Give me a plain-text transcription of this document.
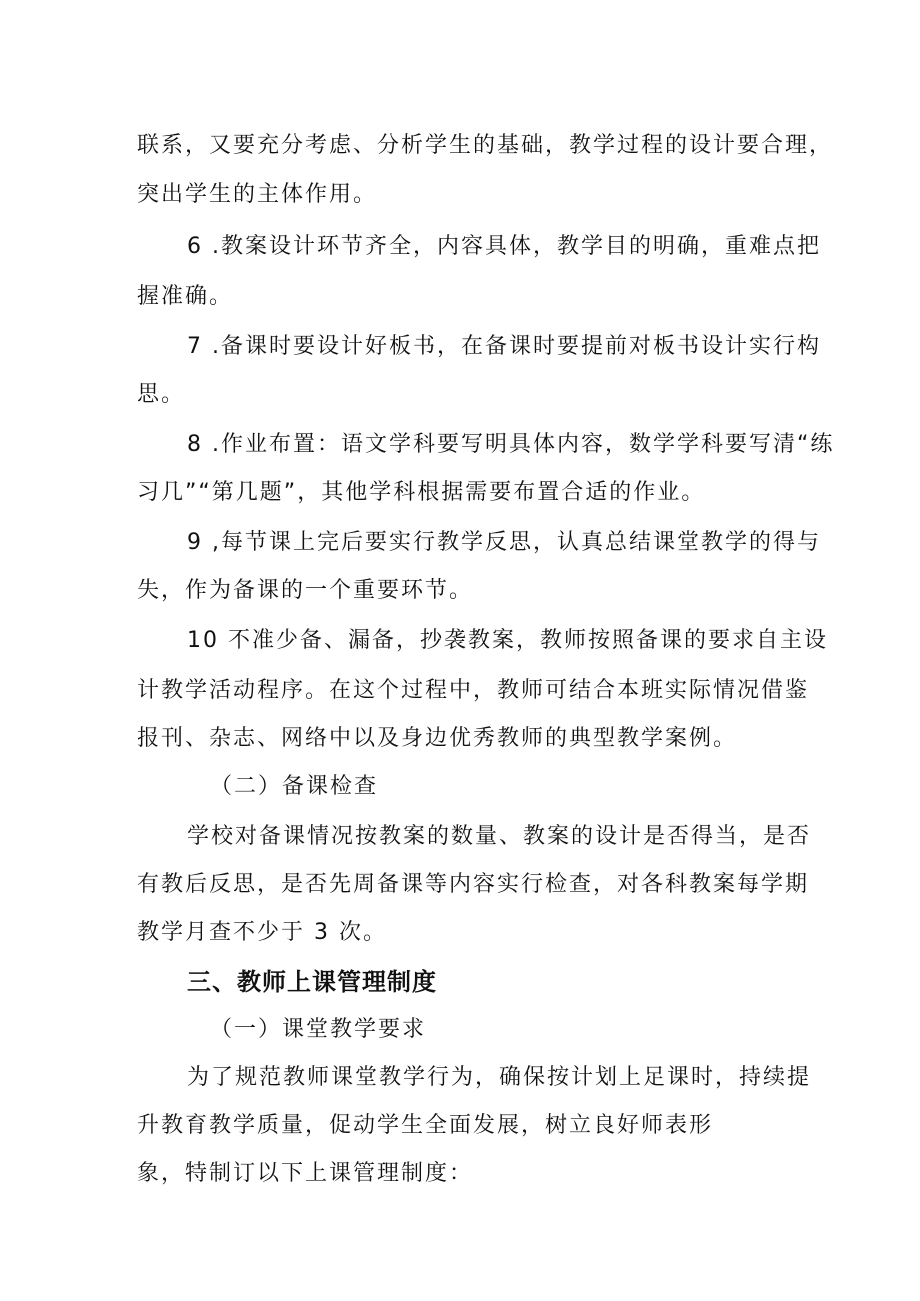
联系，又要充分考虑、分析学生的基础，教学过程的设计要合理，
突出学生的主体作用。
6 .教案设计环节齐全，内容具体，教学目的明确，重难点把
握准确。
7 .备课时要设计好板书，在备课时要提前对板书设计实行构
思。
8 .作业布置：语文学科要写明具体内容，数学学科要写清“练
习几”“第几题”，其他学科根据需要布置合适的作业。
9 ,每节课上完后要实行教学反思，认真总结课堂教学的得与
失，作为备课的一个重要环节。
10 不准少备、漏备，抄袭教案，教师按照备课的要求自主设
计教学活动程序。在这个过程中，教师可结合本班实际情况借鉴
报刊、杂志、网络中以及身边优秀教师的典型教学案例。
（二）备课检查
学校对备课情况按教案的数量、教案的设计是否得当，是否
有教后反思，是否先周备课等内容实行检查，对各科教案每学期
教学月查不少于 3 次。
三、教师上课管理制度
（一）课堂教学要求
为了规范教师课堂教学行为，确保按计划上足课时，持续提
升教育教学质量，促动学生全面发展，树立良好师表形
象，特制订以下上课管理制度：
